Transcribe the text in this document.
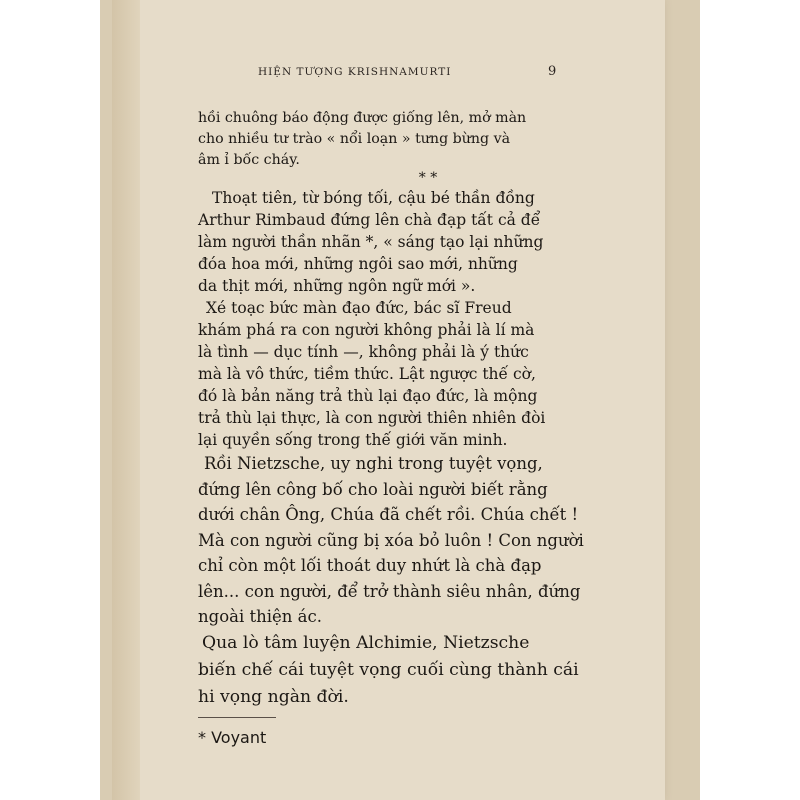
HIỆN TƯỢNG KRISHNAMURTI	9
hồi chuông báo động được giống lên, mở màn
cho nhiều tư trào « nổi loạn » tưng bừng và
âm ỉ bốc cháy.
* *
Thoạt tiên, từ bóng tối, cậu bé thần đồng
Arthur Rimbaud đứng lên chà đạp tất cả để
làm người thần nhãn *, « sáng tạo lại những
đóa hoa mới, những ngôi sao mới, những
da thịt mới, những ngôn ngữ mới ».
Xé toạc bức màn đạo đức, bác sĩ Freud
khám phá ra con người không phải là lí mà
là tình — dục tính —, không phải là ý thức
mà là vô thức, tiềm thức. Lật ngược thế cờ,
đó là bản năng trả thù lại đạo đức, là mộng
trả thù lại thực, là con người thiên nhiên đòi
lại quyền sống trong thế giới văn minh.
Rồi Nietzsche, uy nghi trong tuyệt vọng,
đứng lên công bố cho loài người biết rằng
dưới chân Ông, Chúa đã chết rồi. Chúa chết !
Mà con người cũng bị xóa bỏ luôn ! Con người
chỉ còn một lối thoát duy nhứt là chà đạp
lên... con người, để trở thành siêu nhân, đứng
ngoài thiện ác.
Qua lò tâm luyện Alchimie, Nietzsche
biến chế cái tuyệt vọng cuối cùng thành cái
hi vọng ngàn đời.
* Voyant
